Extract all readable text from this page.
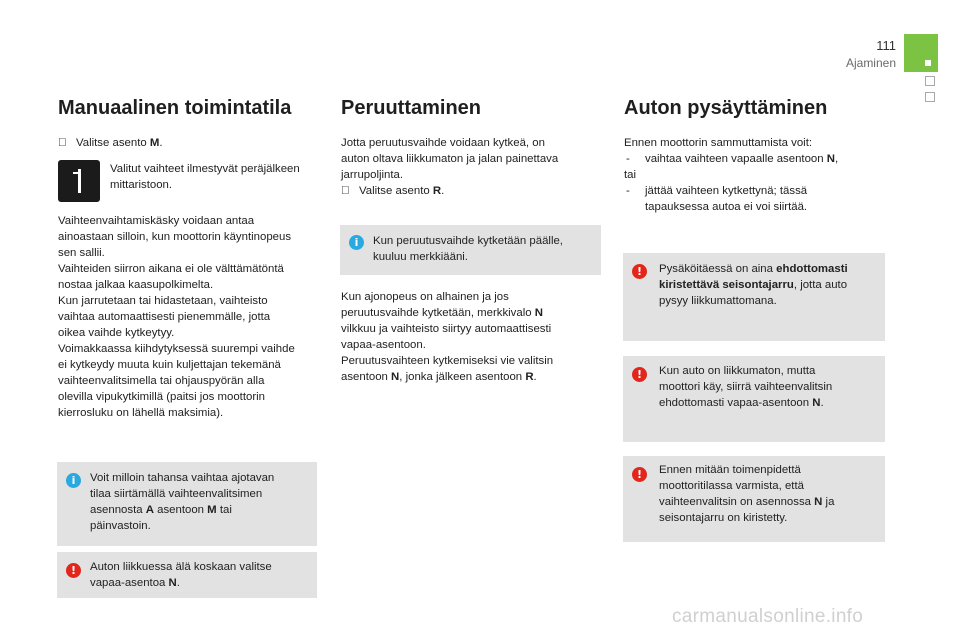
111
Ajaminen
Manuaalinen toimintatila
Valitse asento M.

Valitut vaihteet ilmestyvät peräjälkeen

mittaristoon.

Vaihteenvaihtamiskäsky voidaan antaa

ainoastaan silloin, kun moottorin käyntinopeus

sen sallii.

Vaihteiden siirron aikana ei ole välttämätöntä

nostaa jalkaa kaasupolkimelta.

Kun jarrutetaan tai hidastetaan, vaihteisto

vaihtaa automaattisesti pienemmälle, jotta

oikea vaihde kytkeytyy.

Voimakkaassa kiihdytyksessä suurempi vaihde

ei kytkeydy muuta kuin kuljettajan tekemänä

vaihteenvalitsimella tai ohjauspyörän alla

olevilla vipukytkimillä (paitsi jos moottorin

kierrosluku on lähellä maksimia).

i	Voit milloin tahansa vaihtaa ajotavan

tilaa siirtämällä vaihteenvalitsimen

asennosta A asentoon M tai

päinvastoin.

!	Auton liikkuessa älä koskaan valitse

vapaa-asentoa N.

Peruuttaminen

Jotta peruutusvaihde voidaan kytkeä, on

auton oltava liikkumaton ja jalan painettava

jarrupoljinta.

Valitse asento R.
i	Kun peruutusvaihde kytketään päälle,

kuuluu merkkiääni.

Kun ajonopeus on alhainen ja jos

peruutusvaihde kytketään, merkkivalo N

vilkkuu ja vaihteisto siirtyy automaattisesti

vapaa-asentoon.

Peruutusvaihteen kytkemiseksi vie valitsin

asentoon N, jonka jälkeen asentoon R.

Auton pysäyttäminen

Ennen moottorin sammuttamista voit:

-	vaihtaa vaihteen vapaalle asentoon N,

tai

-	jättää vaihteen kytkettynä; tässä
tapauksessa autoa ei voi siirtää.
!	Pysäköitäessä on aina ehdottomasti

kiristettävä seisontajarru, jotta auto

pysyy liikkumattomana.

!	Kun auto on liikkumaton, mutta

moottori käy, siirrä vaihteenvalitsin

ehdottomasti vapaa-asentoon N.

!	Ennen mitään toimenpidettä

moottoritilassa varmista, että

vaihteenvalitsin on asennossa N ja

seisontajarru on kiristetty.

carmanualsonline.info
